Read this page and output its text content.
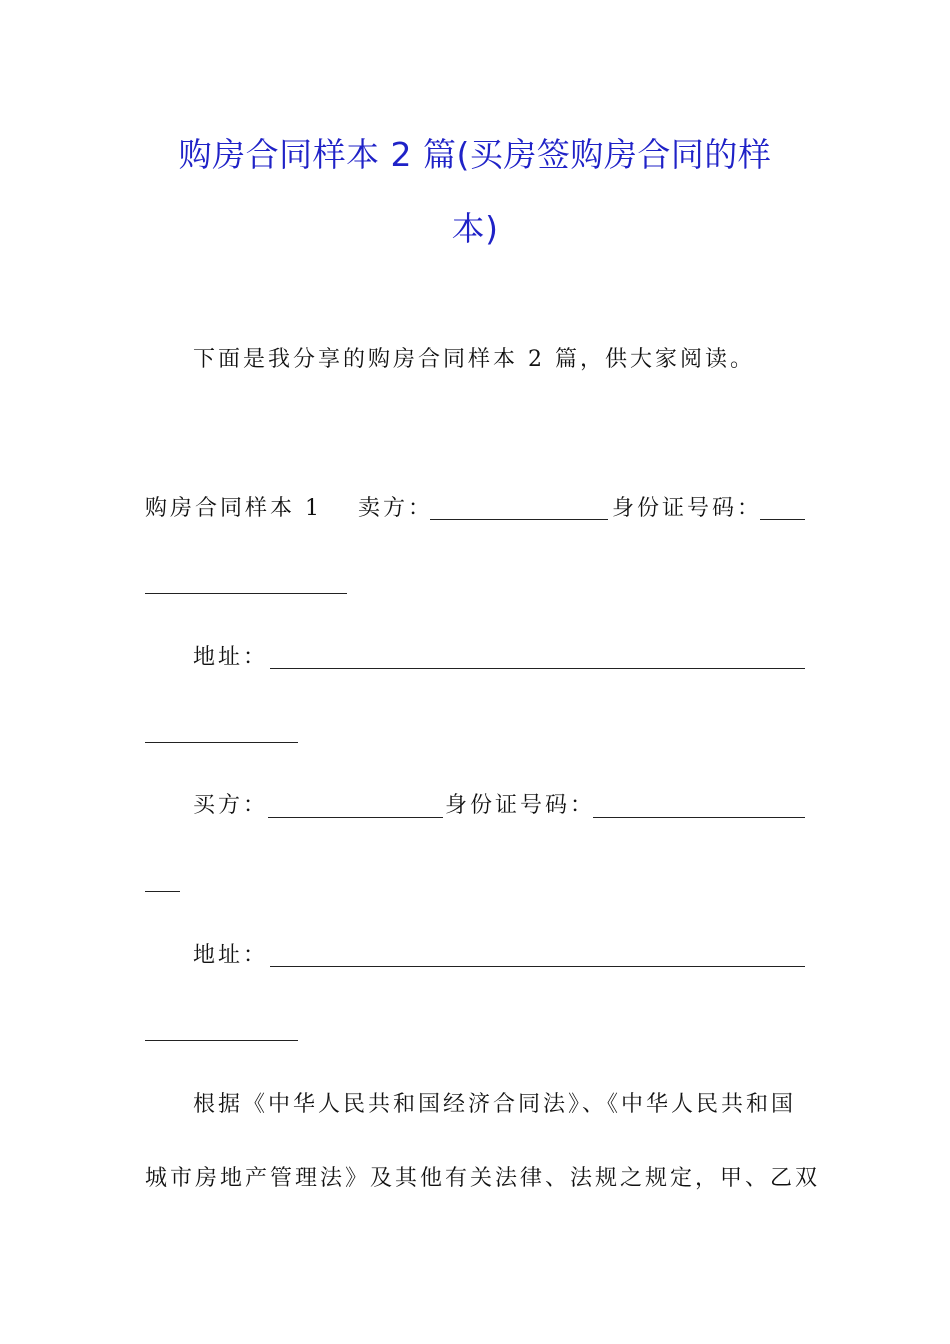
购房合同样本 2 篇(买房签购房合同的样
本)
下面是我分享的购房合同样本 2 篇，供大家阅读。
购房合同样本 1 卖方：	身份证号码：
地址：
买方：	身份证号码：
地址：
根据《中华人民共和国经济合同法》、《中华人民共和国
城市房地产管理法》及其他有关法律、法规之规定，甲、乙双
